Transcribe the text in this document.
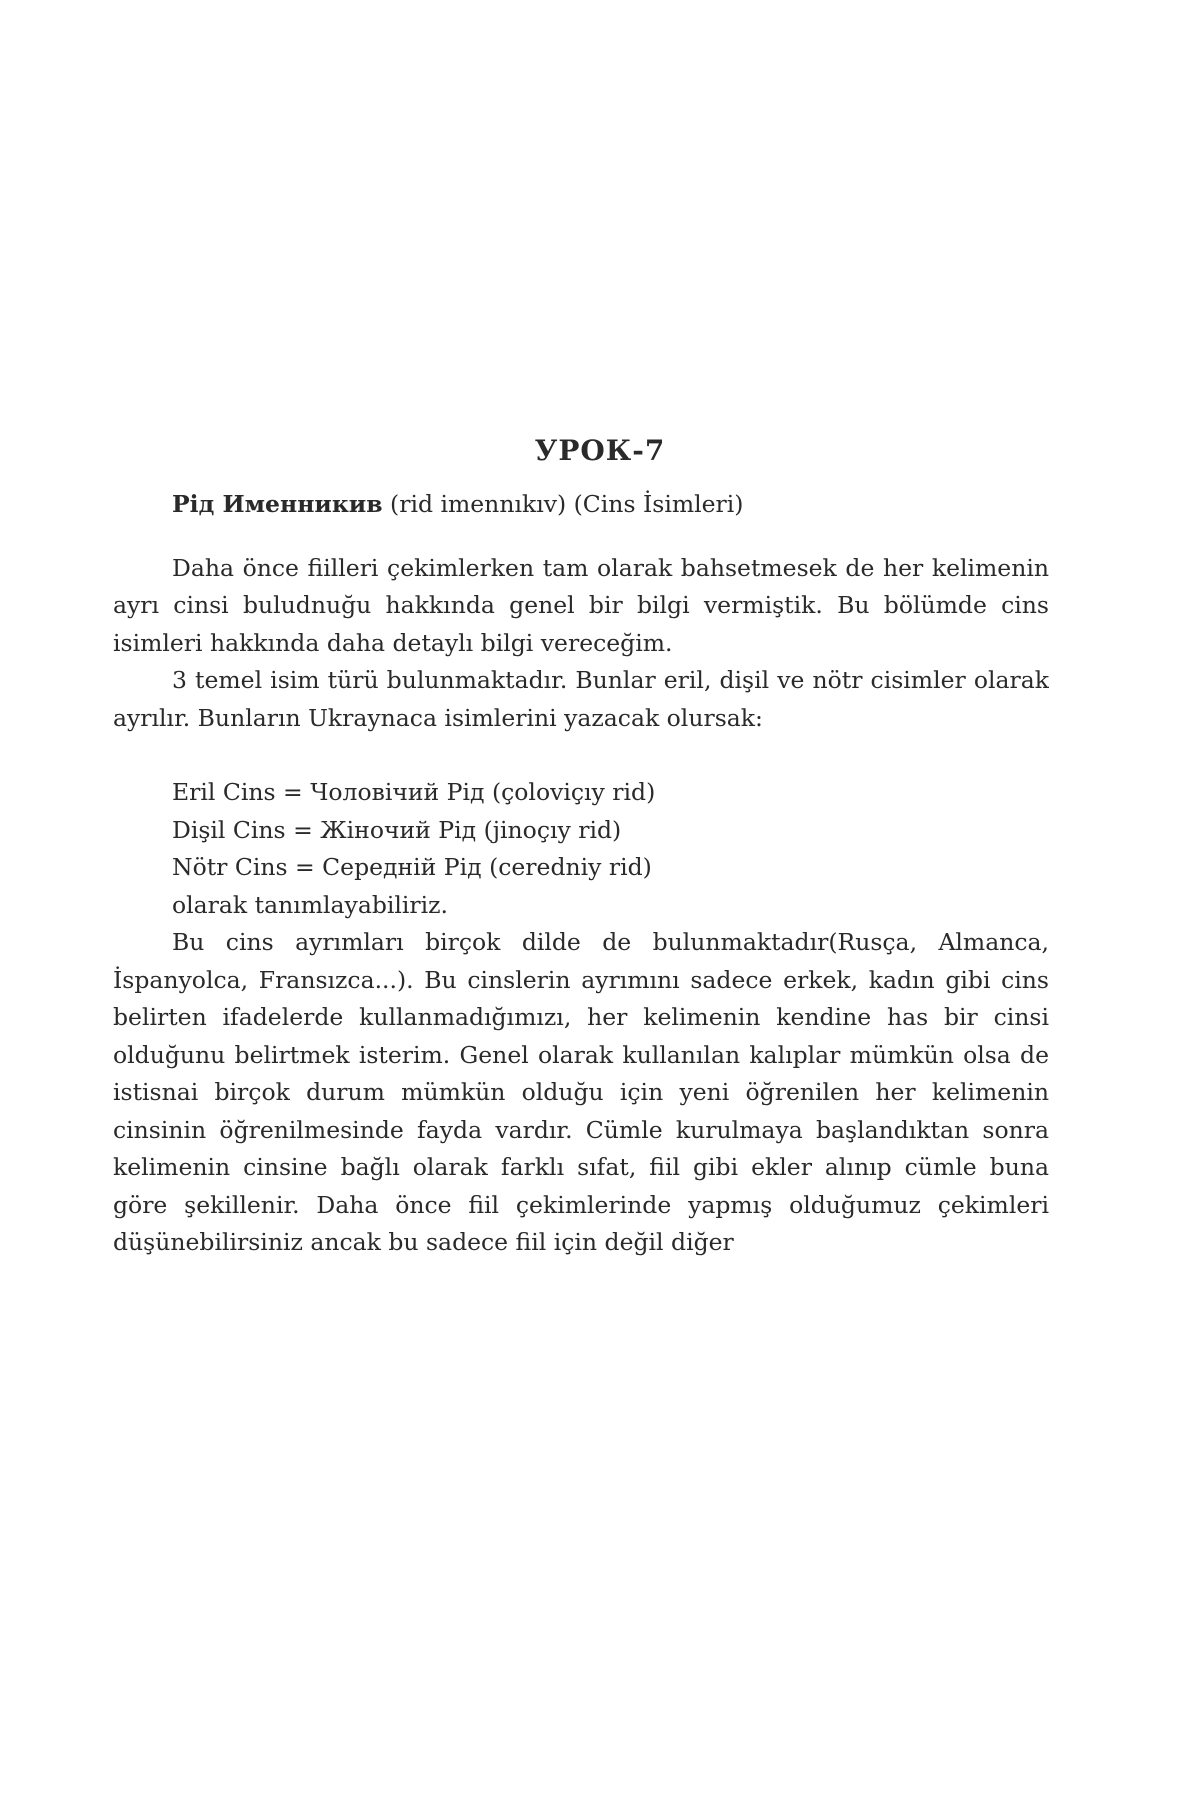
УРОК-7

Рід Именникив (rid imennıkıv) (Cins İsimleri)

Daha önce fiilleri çekimlerken tam olarak bahsetmesek de her kelimenin ayrı cinsi buludnuğu hakkında genel bir bilgi vermiştik. Bu bölümde cins isimleri hakkında daha detaylı bilgi vereceğim.

3 temel isim türü bulunmaktadır. Bunlar eril, dişil ve nötr cisimler olarak ayrılır. Bunların Ukraynaca isimlerini yazacak olursak:

Eril Cins = Чоловічий Рід (çoloviçıy rid)
Dişil Cins = Жіночий Рід (jinoçıy rid)
Nötr Cins = Середній Рід (ceredniy rid)

olarak tanımlayabiliriz.

Bu cins ayrımları birçok dilde de bulunmaktadır(Rusça, Almanca, İspanyolca, Fransızca...). Bu cinslerin ayrımını sadece erkek, kadın gibi cins belirten ifadelerde kullanmadığımızı, her kelimenin kendine has bir cinsi olduğunu belirtmek isterim. Genel olarak kullanılan kalıplar mümkün olsa de istisnai birçok durum mümkün olduğu için yeni öğrenilen her kelimenin cinsinin öğrenilmesinde fayda vardır. Cümle kurulmaya başlandıktan sonra kelimenin cinsine bağlı olarak farklı sıfat, fiil gibi ekler alınıp cümle buna göre şekillenir. Daha önce fiil çekimlerinde yapmış olduğumuz çekimleri düşünebilirsiniz ancak bu sadece fiil için değil diğer
